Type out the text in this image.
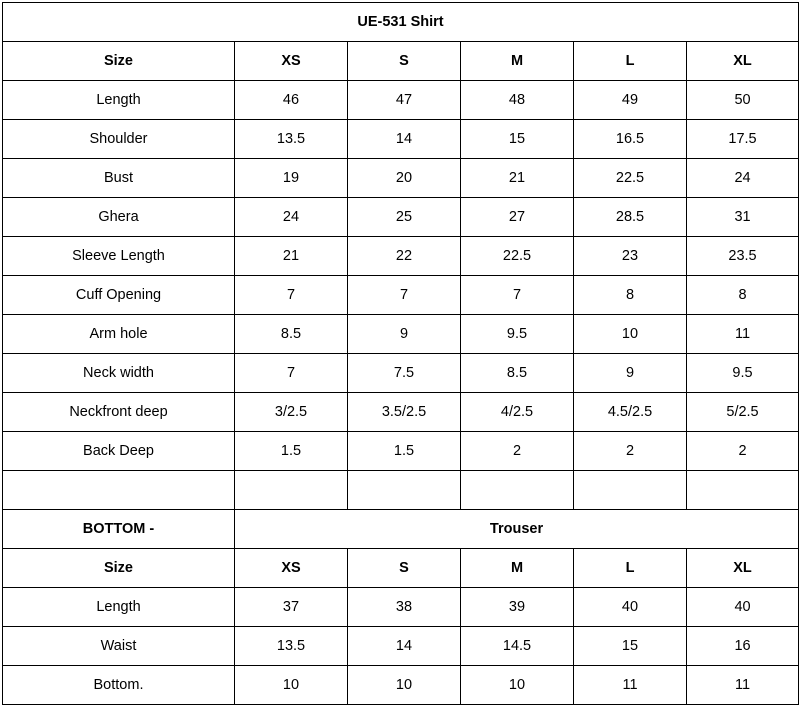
UE-531 Shirt					
Size	XS	S	M	L	XL
Length	46	47	48	49	50
Shoulder	13.5	14	15	16.5	17.5
Bust	19	20	21	22.5	24
Ghera	24	25	27	28.5	31
Sleeve Length	21	22	22.5	23	23.5
Cuff Opening	7	7	7	8	8
Arm hole	8.5	9	9.5	10	11
Neck width	7	7.5	8.5	9	9.5
Neckfront deep	3/2.5	3.5/2.5	4/2.5	4.5/2.5	5/2.5
Back Deep	1.5	1.5	2	2	2

BOTTOM -	Trouser				
Size	XS	S	M	L	XL
Length	37	38	39	40	40
Waist	13.5	14	14.5	15	16
Bottom.	10	10	10	11	11
